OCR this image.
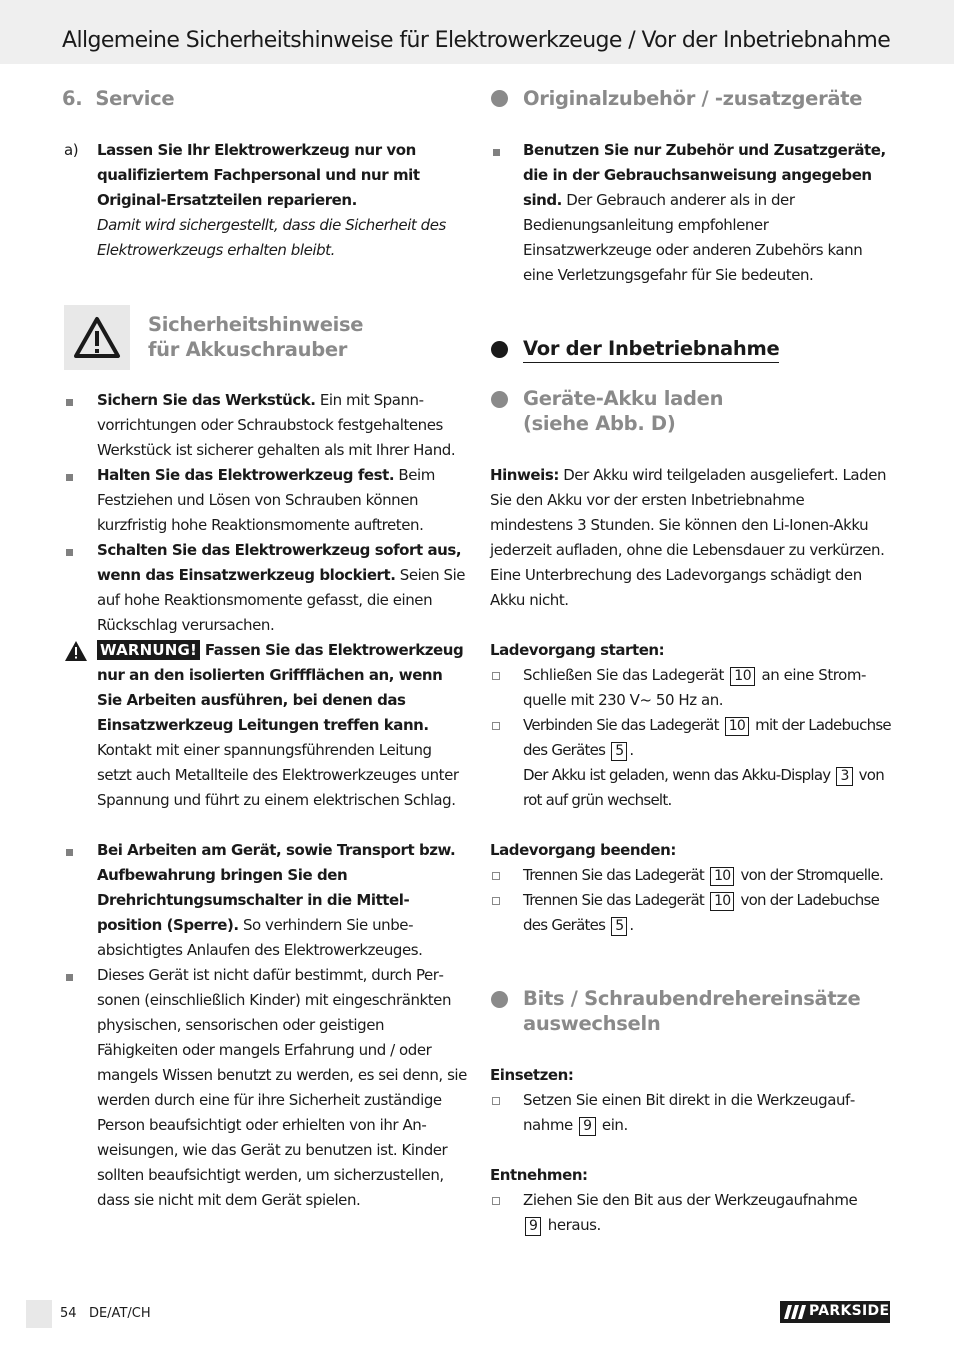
Allgemeine Sicherheitshinweise für Elektrowerkzeuge / Vor der Inbetriebnahme
6.  Service
a) Lassen Sie Ihr Elektrowerkzeug nur von qualifiziertem Fachpersonal und nur mit Original-Ersatzteilen reparieren.
Damit wird sichergestellt, dass die Sicherheit des Elektrowerkzeugs erhalten bleibt.
Sicherheitshinweise
für Akkuschrauber
Sichern Sie das Werkstück. Ein mit Spannvorrichtungen oder Schraubstock festgehaltenes Werkstück ist sicherer gehalten als mit Ihrer Hand.
Halten Sie das Elektrowerkzeug fest. Beim Festziehen und Lösen von Schrauben können kurzfristig hohe Reaktionsmomente auftreten.
Schalten Sie das Elektrowerkzeug sofort aus, wenn das Einsatzwerkzeug blockiert. Seien Sie auf hohe Reaktionsmomente gefasst, die einen Rückschlag verursachen.
WARNUNG! Fassen Sie das Elektrowerkzeug nur an den isolierten Griffflächen an, wenn Sie Arbeiten ausführen, bei denen das Einsatzwerkzeug Leitungen treffen kann. Kontakt mit einer spannungsführenden Leitung setzt auch Metallteile des Elektrowerkzeuges unter Spannung und führt zu einem elektrischen Schlag.
Bei Arbeiten am Gerät, sowie Transport bzw. Aufbewahrung bringen Sie den Drehrichtungsumschalter in die Mittelposition (Sperre). So verhindern Sie unbeabsichtigtes Anlaufen des Elektrowerkzeuges.
Dieses Gerät ist nicht dafür bestimmt, durch Personen (einschließlich Kinder) mit eingeschränkten physischen, sensorischen oder geistigen Fähigkeiten oder mangels Erfahrung und / oder mangels Wissen benutzt zu werden, es sei denn, sie werden durch eine für ihre Sicherheit zuständige Person beaufsichtigt oder erhielten von ihr Anweisungen, wie das Gerät zu benutzen ist. Kinder sollten beaufsichtigt werden, um sicherzustellen, dass sie nicht mit dem Gerät spielen.
Originalzubehör / -zusatzgeräte
Benutzen Sie nur Zubehör und Zusatzgeräte, die in der Gebrauchsanweisung angegeben sind. Der Gebrauch anderer als in der Bedienungsanleitung empfohlener Einsatzwerkzeuge oder anderen Zubehörs kann eine Verletzungsgefahr für Sie bedeuten.
Vor der Inbetriebnahme
Geräte-Akku laden
(siehe Abb. D)
Hinweis: Der Akku wird teilgeladen ausgeliefert. Laden Sie den Akku vor der ersten Inbetriebnahme mindestens 3 Stunden. Sie können den Li-Ionen-Akku jederzeit aufladen, ohne die Lebensdauer zu verkürzen. Eine Unterbrechung des Ladevorgangs schädigt den Akku nicht.
Ladevorgang starten:
Schließen Sie das Ladegerät 10 an eine Stromquelle mit 230 V~ 50 Hz an.
Verbinden Sie das Ladegerät 10 mit der Ladebuchse des Gerätes 5 .
Der Akku ist geladen, wenn das Akku-Display 3 von rot auf grün wechselt.
Ladevorgang beenden:
Trennen Sie das Ladegerät 10 von der Stromquelle.
Trennen Sie das Ladegerät 10 von der Ladebuchse des Gerätes 5 .
Bits / Schraubendrehereinsätze
auswechseln
Einsetzen:
Setzen Sie einen Bit direkt in die Werkzeugaufnahme 9 ein.
Entnehmen:
Ziehen Sie den Bit aus der Werkzeugaufnahme 9 heraus.
54 DE/AT/CH	PARKSIDE
